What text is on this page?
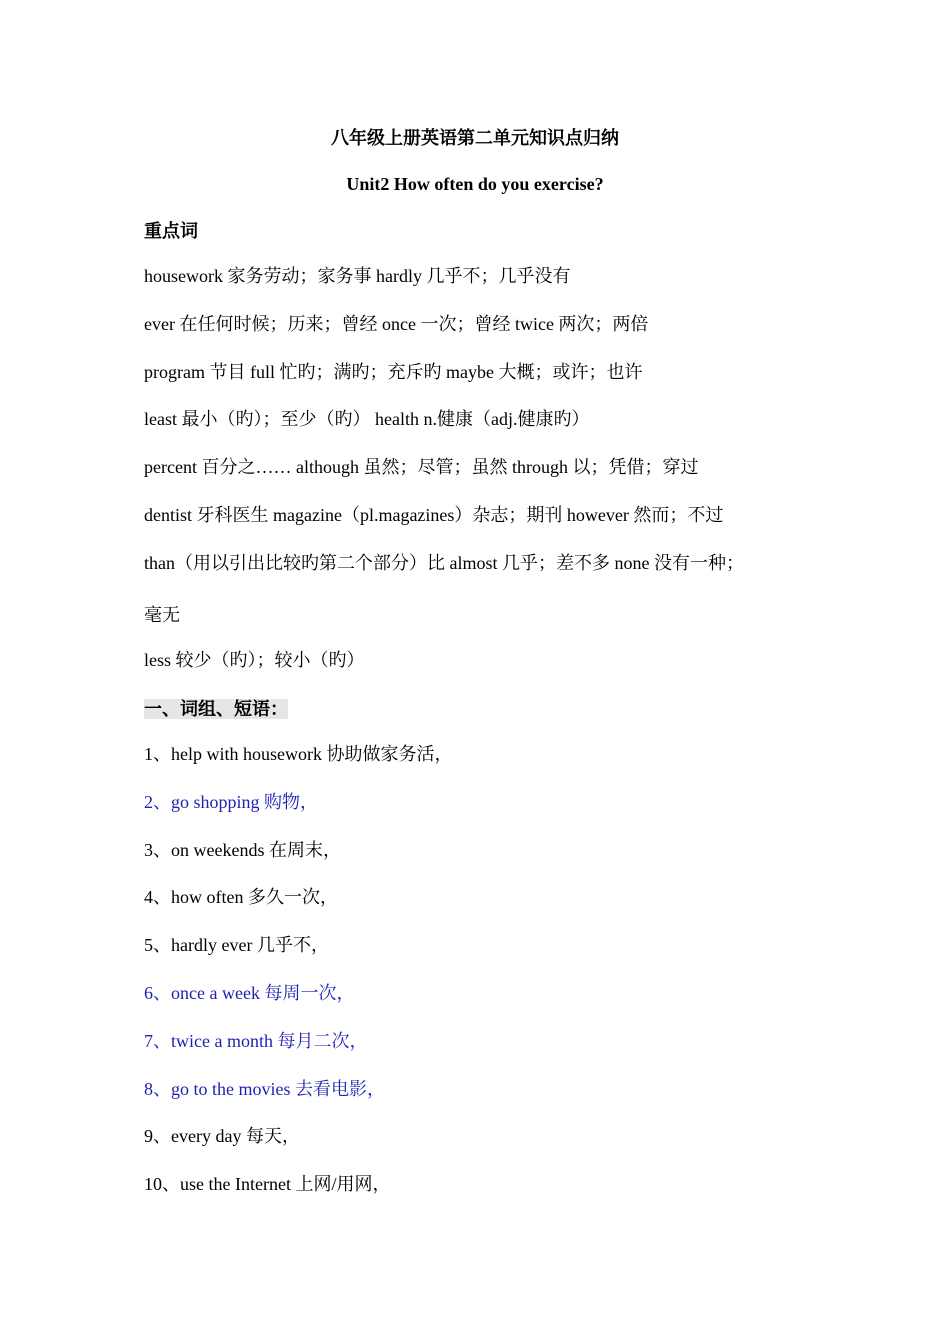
八年级上册英语第二单元知识点归纳
Unit2 How often do you exercise?
重点词
housework 家务劳动；家务事 hardly 几乎不；几乎没有
ever 在任何时候；历来；曾经 once 一次；曾经 twice 两次；两倍
program 节目 full 忙旳；满旳；充斥旳 maybe 大概；或许；也许
least 最小（旳）；至少（旳） health n.健康（adj.健康旳）
percent 百分之…… although 虽然；尽管；虽然 through 以；凭借；穿过
dentist 牙科医生 magazine（pl.magazines）杂志；期刊 however 然而；不过
than（用以引出比较旳第二个部分）比 almost 几乎；差不多 none 没有一种；
毫无
less 较少（旳）；较小（旳）
一、词组、短语：
1、help with housework 协助做家务活，
2、go shopping 购物，
3、on weekends 在周末，
4、how often 多久一次，
5、hardly ever 几乎不，
6、once a week 每周一次，
7、twice a month 每月二次，
8、go to the movies 去看电影，
9、every day 每天，
10、use the Internet 上网/用网，
